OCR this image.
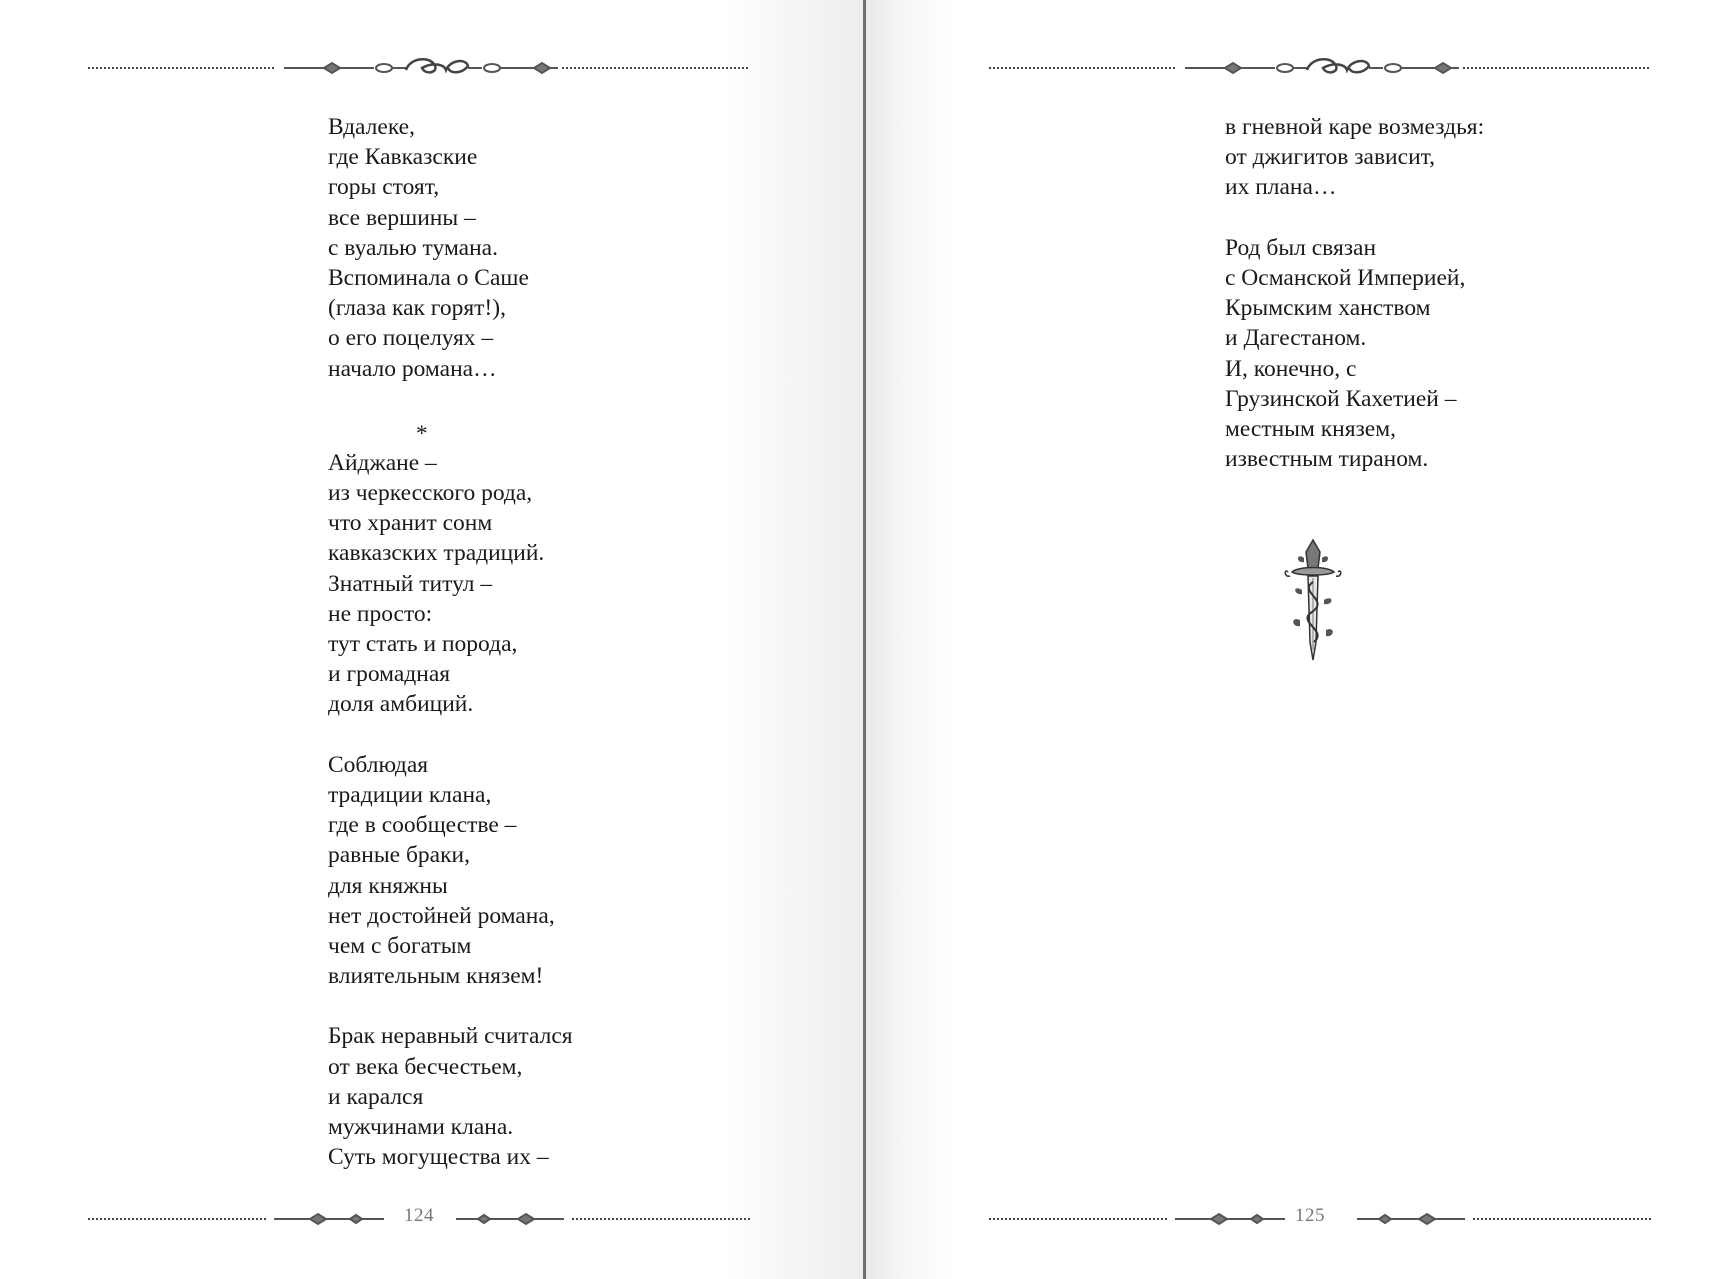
Вдалеке,
где Кавказские
горы стоят,
все вершины –
с вуалью тумана.
Вспоминала о Саше
(глаза как горят!),
о его поцелуях –
начало романа…
*
Айджане –
из черкесского рода,
что хранит сонм
кавказских традиций.
Знатный титул –
не просто:
тут стать и порода,
и громадная
доля амбиций.
Соблюдая
традиции клана,
где в сообществе –
равные браки,
для княжны
нет достойней романа,
чем с богатым
влиятельным князем!
Брак неравный считался
от века бесчестьем,
и карался
мужчинами клана.
Суть могущества их –
124	125
в гневной каре возмездья:
от джигитов зависит,
их плана…
Род был связан
с Османской Империей,
Крымским ханством
и Дагестаном.
И, конечно, с
Грузинской Кахетией –
местным князем,
известным тираном.
